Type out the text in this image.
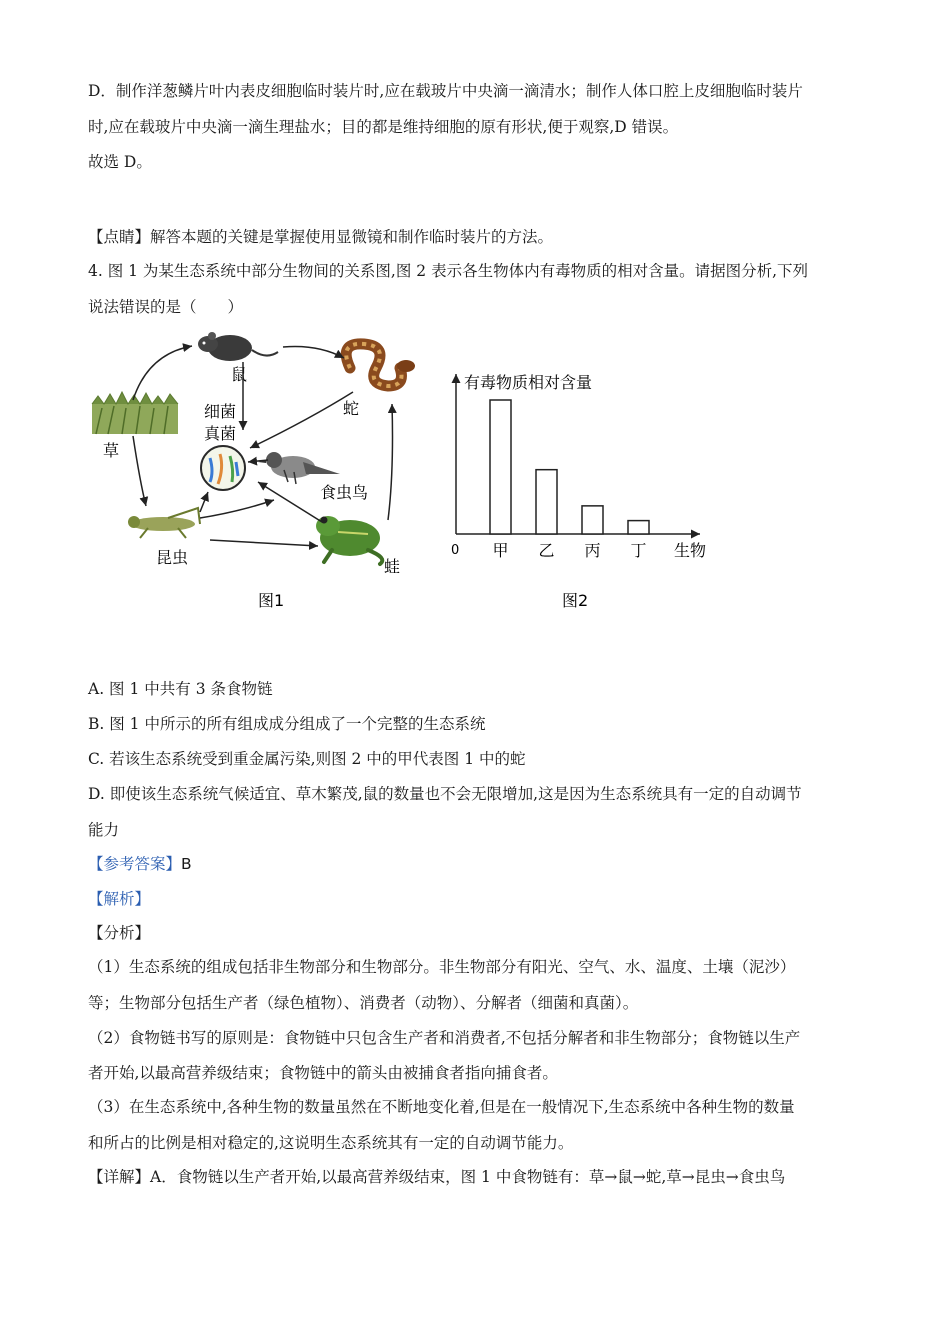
D．制作洋葱鳞片叶内表皮细胞临时装片时,应在载玻片中央滴一滴清水；制作人体口腔上皮细胞临时装片
时,应在载玻片中央滴一滴生理盐水；目的都是维持细胞的原有形状,便于观察,D 错误。
故选 D。
【点睛】解答本题的关键是掌握使用显微镜和制作临时装片的方法。
4. 图 1 为某生态系统中部分生物间的关系图,图 2 表示各生物体内有毒物质的相对含量。请据图分析,下列
说法错误的是（　　）
草
鼠
蛇
细菌
真菌
食虫鸟
昆虫	蛙
图1
有毒物质相对含量
0 甲 乙 丙 丁 生物
图2
A. 图 1 中共有 3 条食物链
B. 图 1 中所示的所有组成成分组成了一个完整的生态系统
C. 若该生态系统受到重金属污染,则图 2 中的甲代表图 1 中的蛇
D. 即使该生态系统气候适宜、草木繁茂,鼠的数量也不会无限增加,这是因为生态系统具有一定的自动调节
能力
【参考答案】B
【解析】
【分析】
（1）生态系统的组成包括非生物部分和生物部分。非生物部分有阳光、空气、水、温度、土壤（泥沙）
等；生物部分包括生产者（绿色植物）、消费者（动物）、分解者（细菌和真菌）。
（2）食物链书写的原则是：食物链中只包含生产者和消费者,不包括分解者和非生物部分；食物链以生产
者开始,以最高营养级结束；食物链中的箭头由被捕食者指向捕食者。
（3）在生态系统中,各种生物的数量虽然在不断地变化着,但是在一般情况下,生态系统中各种生物的数量
和所占的比例是相对稳定的,这说明生态系统其有一定的自动调节能力。
【详解】A．食物链以生产者开始,以最高营养级结束，图 1 中食物链有：草→鼠→蛇,草→昆虫→食虫鸟
